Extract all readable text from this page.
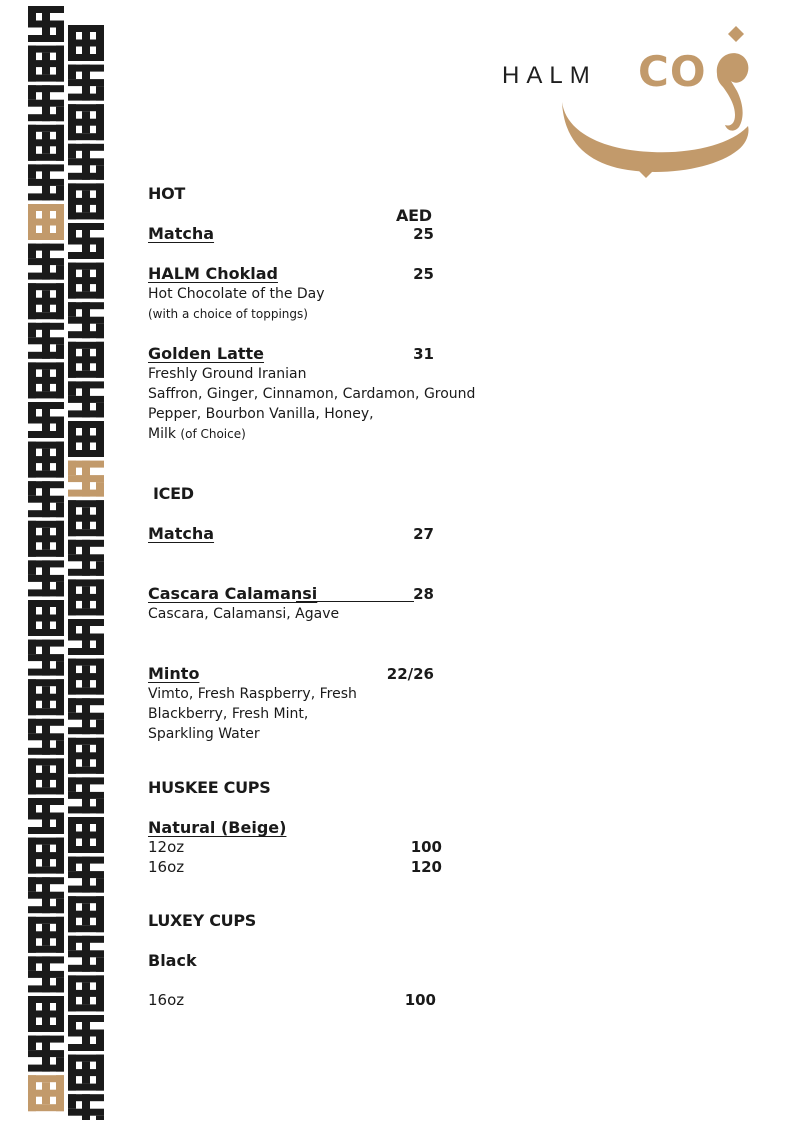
HALM CO
HOT
AED
Matcha	25
HALM Choklad	25
Hot Chocolate of the Day
(with a choice of toppings)
Golden Latte	31
Freshly Ground Iranian
Saffron, Ginger, Cinnamon, Cardamon, Ground
Pepper, Bourbon Vanilla, Honey,
Milk (of Choice)
ICED
Matcha	27
Cascara Calamansi	28
Cascara, Calamansi, Agave
Minto	22/26
Vimto, Fresh Raspberry, Fresh
Blackberry, Fresh Mint,
Sparkling Water
HUSKEE CUPS
Natural (Beige)
12oz	100
16oz	120
LUXEY CUPS
Black
16oz	100
